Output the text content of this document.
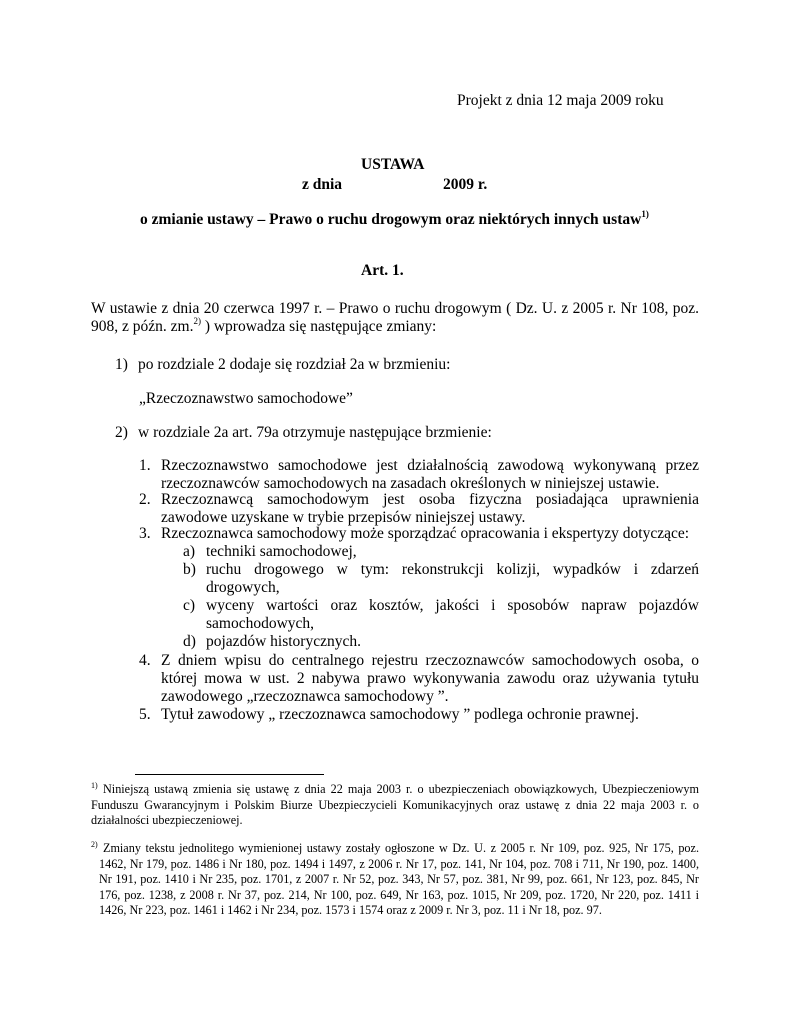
Projekt z dnia 12 maja 2009 roku
USTAWA
z dnia	2009 r.
o zmianie ustawy – Prawo o ruchu drogowym oraz niektórych innych ustaw$^{1)}$
Art. 1.
W ustawie z dnia 20 czerwca 1997 r. – Prawo o ruchu drogowym ( Dz. U. z 2005 r. Nr 108, poz. 908, z późn. zm.$^{2)}$ ) wprowadza się następujące zmiany:
1) po rozdziale 2 dodaje się rozdział 2a w brzmieniu:
„Rzeczoznawstwo samochodowe”
2) w rozdziale 2a art. 79a otrzymuje następujące brzmienie:
1. Rzeczoznawstwo samochodowe jest działalnością zawodową wykonywaną przez rzeczoznawców samochodowych na zasadach określonych w niniejszej ustawie.
2. Rzeczoznawcą samochodowym jest osoba fizyczna posiadająca uprawnienia zawodowe uzyskane w trybie przepisów niniejszej ustawy.
3. Rzeczoznawca samochodowy może sporządzać opracowania i ekspertyzy dotyczące:
a) techniki samochodowej,
b) ruchu drogowego w tym: rekonstrukcji kolizji, wypadków i zdarzeń drogowych,
c) wyceny wartości oraz kosztów, jakości i sposobów napraw pojazdów samochodowych,
d) pojazdów historycznych.
4. Z dniem wpisu do centralnego rejestru rzeczoznawców samochodowych osoba, o której mowa w ust. 2 nabywa prawo wykonywania zawodu oraz używania tytułu zawodowego „rzeczoznawca samochodowy ”.
5. Tytuł zawodowy „ rzeczoznawca samochodowy ” podlega ochronie prawnej.
1) Niniejszą ustawą zmienia się ustawę z dnia 22 maja 2003 r. o ubezpieczeniach obowiązkowych, Ubezpieczeniowym Funduszu Gwarancyjnym i Polskim Biurze Ubezpieczycieli Komunikacyjnych oraz ustawę z dnia 22 maja 2003 r. o działalności ubezpieczeniowej.
2) Zmiany tekstu jednolitego wymienionej ustawy zostały ogłoszone w Dz. U. z 2005 r. Nr 109, poz. 925, Nr 175, poz. 1462, Nr 179, poz. 1486 i Nr 180, poz. 1494 i 1497, z 2006 r. Nr 17, poz. 141, Nr 104, poz. 708 i 711, Nr 190, poz. 1400, Nr 191, poz. 1410 i Nr 235, poz. 1701, z 2007 r. Nr 52, poz. 343, Nr 57, poz. 381, Nr 99, poz. 661, Nr 123, poz. 845, Nr 176, poz. 1238, z 2008 r. Nr 37, poz. 214, Nr 100, poz. 649, Nr 163, poz. 1015, Nr 209, poz. 1720, Nr 220, poz. 1411 i 1426, Nr 223, poz. 1461 i 1462 i Nr 234, poz. 1573 i 1574 oraz z 2009 r. Nr 3, poz. 11 i Nr 18, poz. 97.
